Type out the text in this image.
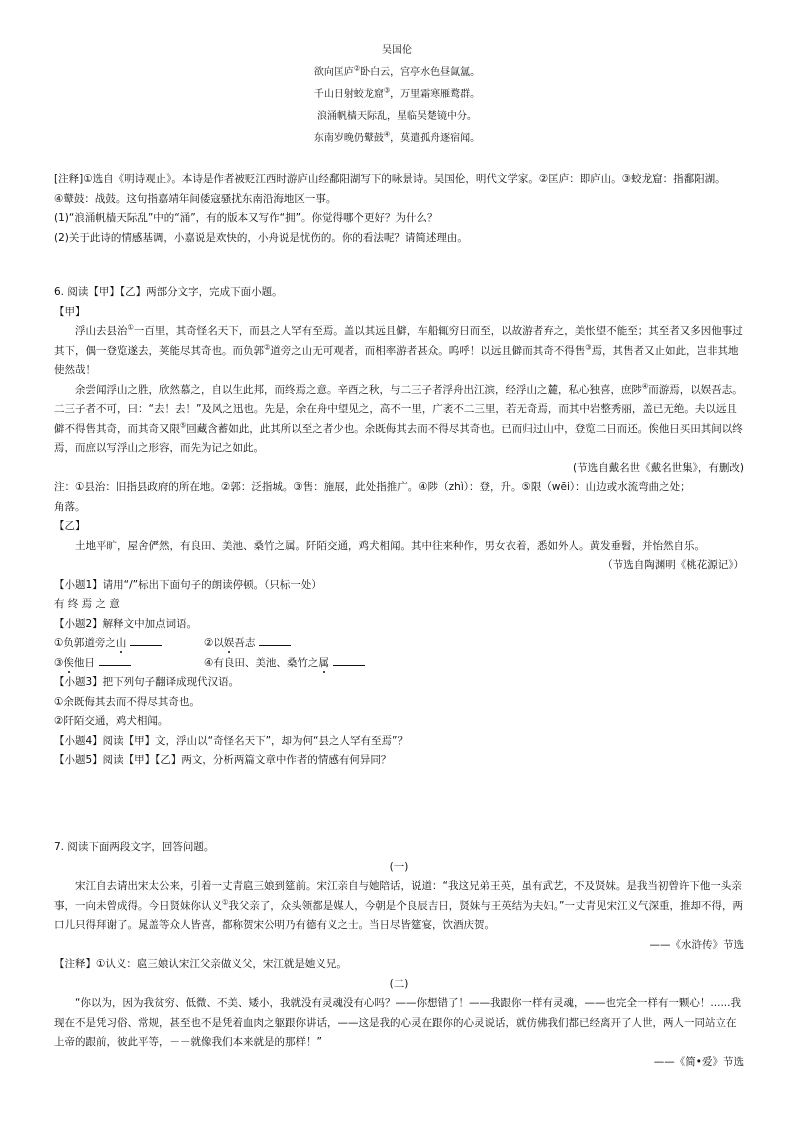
吴国伦
欲向匡庐②卧白云，宫亭水色昼氤氲。
千山日射蛟龙窟③，万里霜寒雁鹜群。
浪涌帆樯天际乱，星临吴楚镜中分。
东南岁晚仍鼙鼓④，莫遣孤舟逐宿闻。

[注释]①选自《明诗观止》。本诗是作者被贬江西时游庐山经鄱阳湖写下的咏景诗。吴国伦，明代文学家。②匡庐：即庐山。③蛟龙窟：指鄱阳湖。

④鼙鼓：战鼓。这句指嘉靖年间倭寇骚扰东南沿海地区一事。

(1)“浪涌帆樯天际乱”中的“涌”，有的版本又写作“拥”。你觉得哪个更好？为什么？

(2)关于此诗的情感基调，小嘉说是欢快的，小舟说是忧伤的。你的看法呢？请简述理由。

6. 阅读【甲】【乙】两部分文字，完成下面小题。

【甲】

浮山去县治①一百里，其奇怪名天下，而县之人罕有至焉。盖以其远且僻，车船辄穷日而至，以故游者弃之，美怅望不能至；其至者又多因他事过其下，偶一登览遂去，荚能尽其奇也。而负郭②道旁之山无可观者，而相率游者甚众。呜呼！以远且僻而其奇不得售③焉，其售者又止如此，岂非其地使然哉！

余尝闻浮山之胜，欣然慕之，自以生此邦，而终焉之意。辛酉之秋，与二三子者浮舟出江滨，经浮山之麓，私心独喜，庶陟④而游焉，以娱吾志。二三子者不可，曰：“去！去！”及风之迅也。先是，余在舟中望见之，高不一里，广袤不二三里，若无奇焉，而其中岩整秀丽，盖已无绝。夫以远且僻不得售其奇，而其奇又限⑤回藏含蓄如此，此其所以至之者少也。余既侮其去而不得尽其奇也。已而归过山中，登览二日而还。俟他日买田其间以终焉，而庶以写浮山之形容，而先为记之如此。

(节选自戴名世《戴名世集》，有删改)

注：①县治：旧指县政府的所在地。②郭：泛指城。③售：施展，此处指推广。④陟（zhì）：登，升。⑤限（wēi）：山边或水流弯曲之处；

角落。

【乙】

土地平旷，屋舍俨然，有良田、美池、桑竹之属。阡陌交通，鸡犬相闻。其中往来种作，男女衣着，悉如外人。黄发垂髫，并怡然自乐。

（节选自陶渊明《桃花源记》）

【小题1】请用“/”标出下面句子的朗读停顿。（只标一处）

有 终 焉 之 意

【小题2】解释文中加点词语。

①负郭道旁之山	②以娱吾志
③俟他日	④有良田、美池、桑竹之属

【小题3】把下列句子翻译成现代汉语。

①余既侮其去而不得尽其奇也。

②阡陌交通，鸡犬相闻。

【小题4】阅读【甲】文，浮山以“奇怪名天下”，却为何“县之人罕有至焉”？

【小题5】阅读【甲】【乙】两文，分析两篇文章中作者的情感有何异同？

7. 阅读下面两段文字，回答问题。

(一)

宋江自去请出宋太公来，引着一丈青扈三娘到筵前。宋江亲自与她陪话，说道：“我这兄弟王英，虽有武艺，不及贤妹。是我当初曾许下他一头亲事，一向未曾成得。今日贤妹你认义①我父亲了，众头领都是媒人，今朝是个良辰吉日，贤妹与王英结为夫妇。”一丈青见宋江义气深重，推却不得，两口儿只得拜谢了。晁盖等众人皆喜，都称贺宋公明乃有德有义之士。当日尽皆筵宴，饮酒庆贺。

——《水浒传》节选

【注释】①认义：扈三娘认宋江父亲做义父，宋江就是她义兄。

(二)

“你以为，因为我贫穷、低微、不美、矮小，我就没有灵魂没有心吗？——你想错了！——我跟你一样有灵魂，——也完全一样有一颗心！......我现在不是凭习俗、常规，甚至也不是凭着血肉之躯跟你讲话，——这是我的心灵在跟你的心灵说话，就仿佛我们都已经离开了人世，两人一同站立在上帝的跟前，彼此平等，－－就像我们本来就是的那样！”

——《简•爱》节选
